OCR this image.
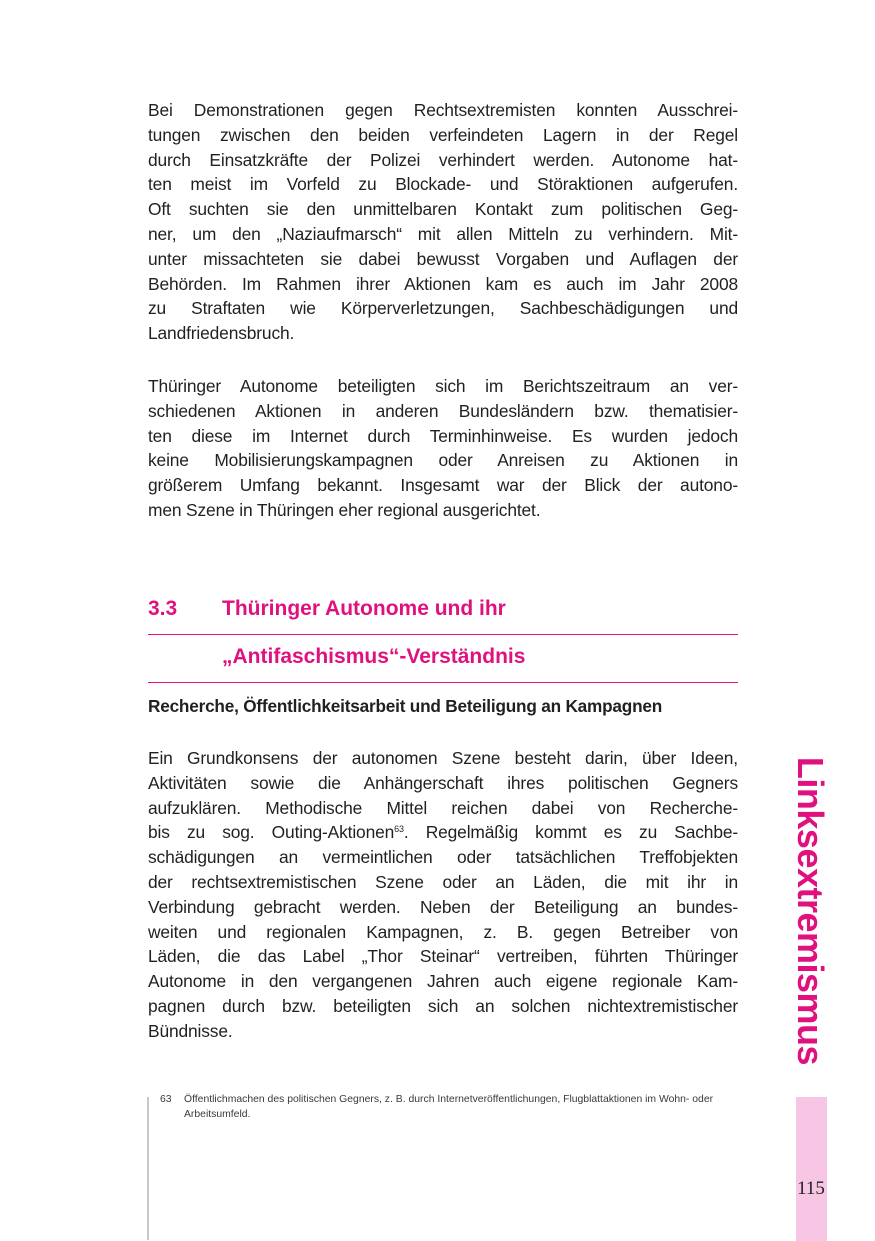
Bei Demonstrationen gegen Rechtsextremisten konnten Ausschrei-
tungen zwischen den beiden verfeindeten Lagern in der Regel
durch Einsatzkräfte der Polizei verhindert werden. Autonome hat-
ten meist im Vorfeld zu Blockade- und Störaktionen aufgerufen.
Oft suchten sie den unmittelbaren Kontakt zum politischen Geg-
ner, um den „Naziaufmarsch“ mit allen Mitteln zu verhindern. Mit-
unter missachteten sie dabei bewusst Vorgaben und Auflagen der
Behörden. Im Rahmen ihrer Aktionen kam es auch im Jahr 2008
zu Straftaten wie Körperverletzungen, Sachbeschädigungen und
Landfriedensbruch.
Thüringer Autonome beteiligten sich im Berichtszeitraum an ver-
schiedenen Aktionen in anderen Bundesländern bzw. thematisier-
ten diese im Internet durch Terminhinweise. Es wurden jedoch
keine Mobilisierungskampagnen oder Anreisen zu Aktionen in
größerem Umfang bekannt. Insgesamt war der Blick der autono-
men Szene in Thüringen eher regional ausgerichtet.
3.3 Thüringer Autonome und ihr
„Antifaschismus“-Verständnis
Recherche, Öffentlichkeitsarbeit und Beteiligung an Kampagnen
Ein Grundkonsens der autonomen Szene besteht darin, über Ideen,
Aktivitäten sowie die Anhängerschaft ihres politischen Gegners
aufzuklären. Methodische Mittel reichen dabei von Recherche-
bis zu sog. Outing-Aktionen$^{63}$. Regelmäßig kommt es zu Sachbe-
schädigungen an vermeintlichen oder tatsächlichen Treffobjekten
der rechtsextremistischen Szene oder an Läden, die mit ihr in
Verbindung gebracht werden. Neben der Beteiligung an bundes-
weiten und regionalen Kampagnen, z. B. gegen Betreiber von
Läden, die das Label „Thor Steinar“ vertreiben, führten Thüringer
Autonome in den vergangenen Jahren auch eigene regionale Kam-
pagnen durch bzw. beteiligten sich an solchen nichtextremistischer
Bündnisse.
63 Öffentlichmachen des politischen Gegners, z. B. durch Internetveröffentlichungen, Flugblattaktionen im Wohn- oder Arbeitsumfeld.
Linksextremismus
115
